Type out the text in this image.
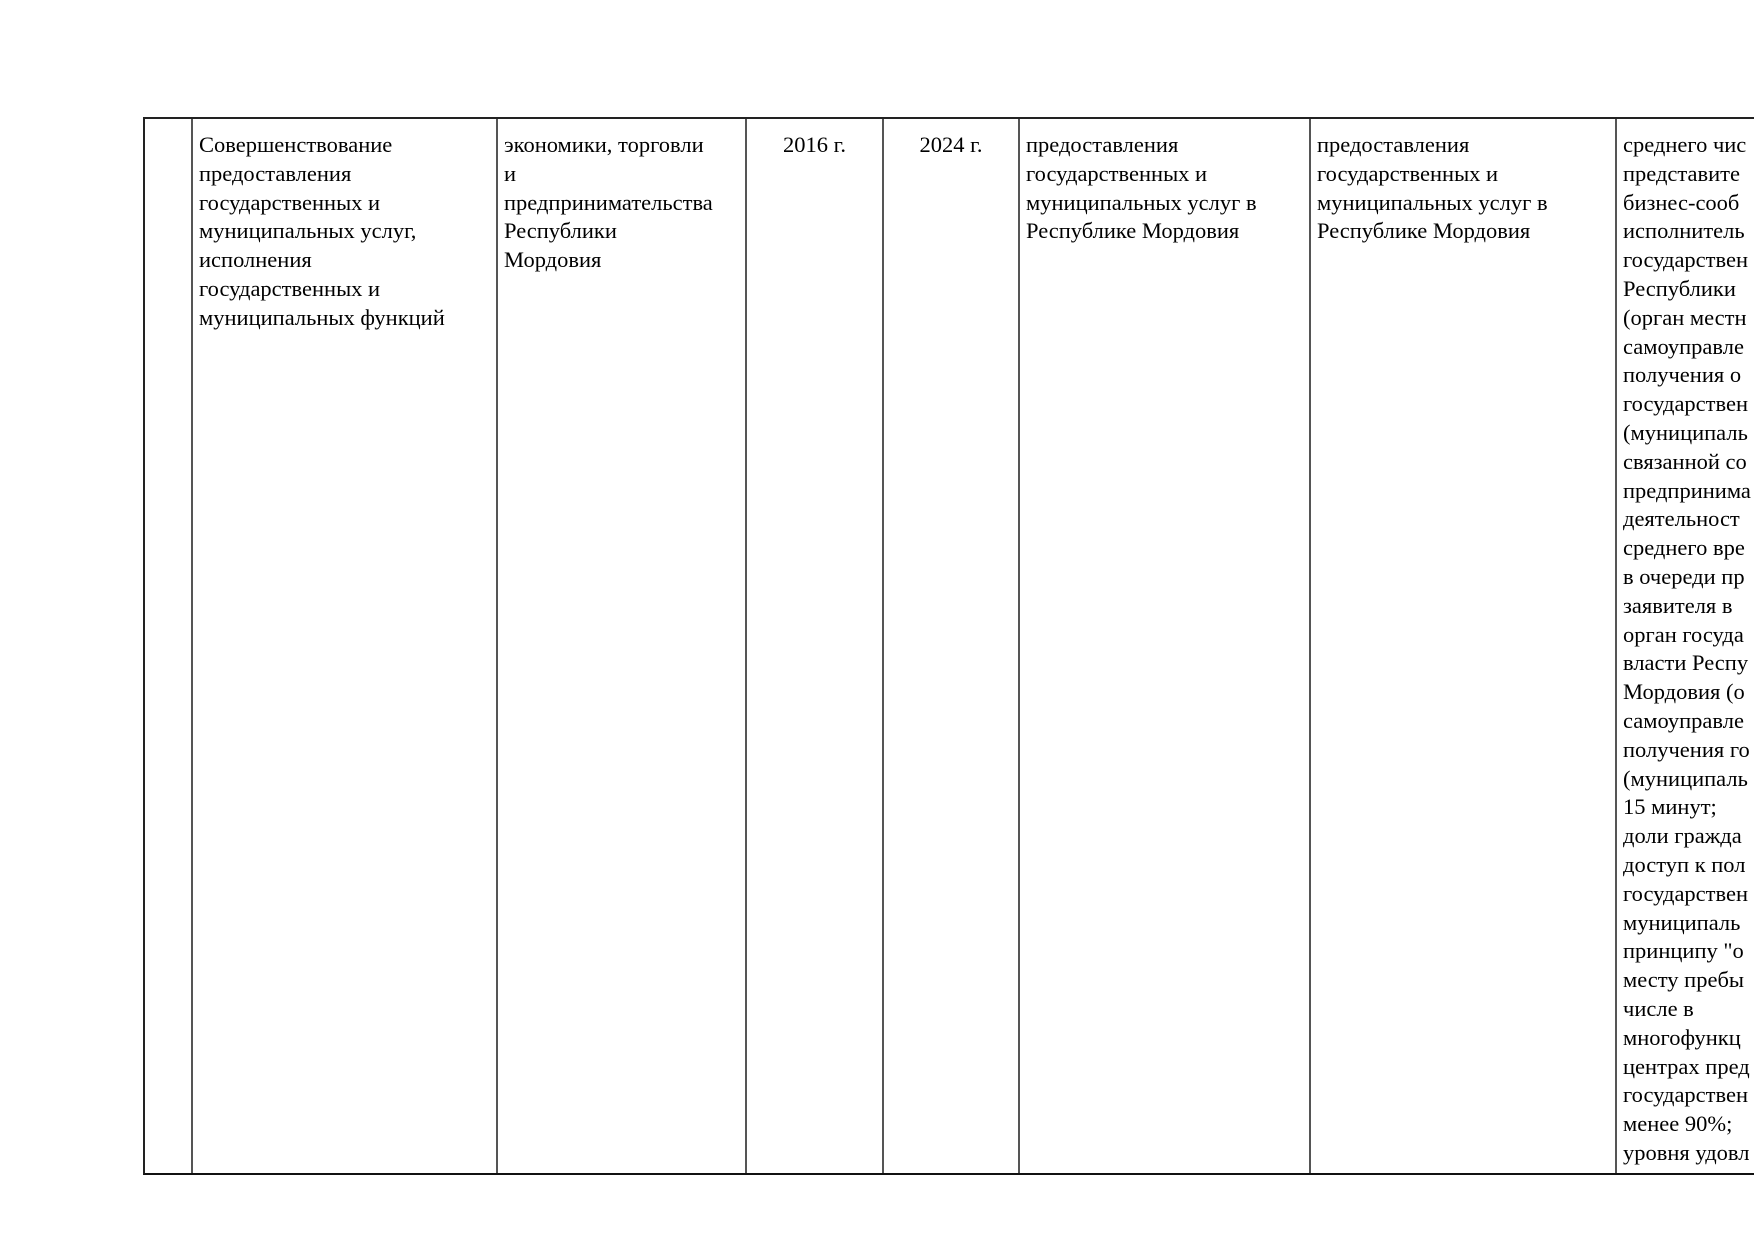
Совершенствование
предоставления
государственных и
муниципальных услуг,
исполнения
государственных и
муниципальных функций
экономики, торговли
и
предпринимательства
Республики
Мордовия
2016 г.	2024 г.	предоставления
государственных и
муниципальных услуг в
Республике Мордовия
предоставления
государственных и
муниципальных услуг в
Республике Мордовия
среднего чис
представите
бизнес-сооб
исполнитель
государствен
Республики
(орган местн
самоуправле
получения о
государствен
(муниципаль
связанной со
предпринима
деятельност
среднего вре
в очереди пр
заявителя в
орган госуда
власти Респу
Мордовия (о
самоуправле
получения го
(муниципаль
15 минут;
доли гражда
доступ к пол
государствен
муниципаль
принципу "о
месту пребы
числе в
многофункц
центрах пред
государствен
менее 90%;
уровня удовл
